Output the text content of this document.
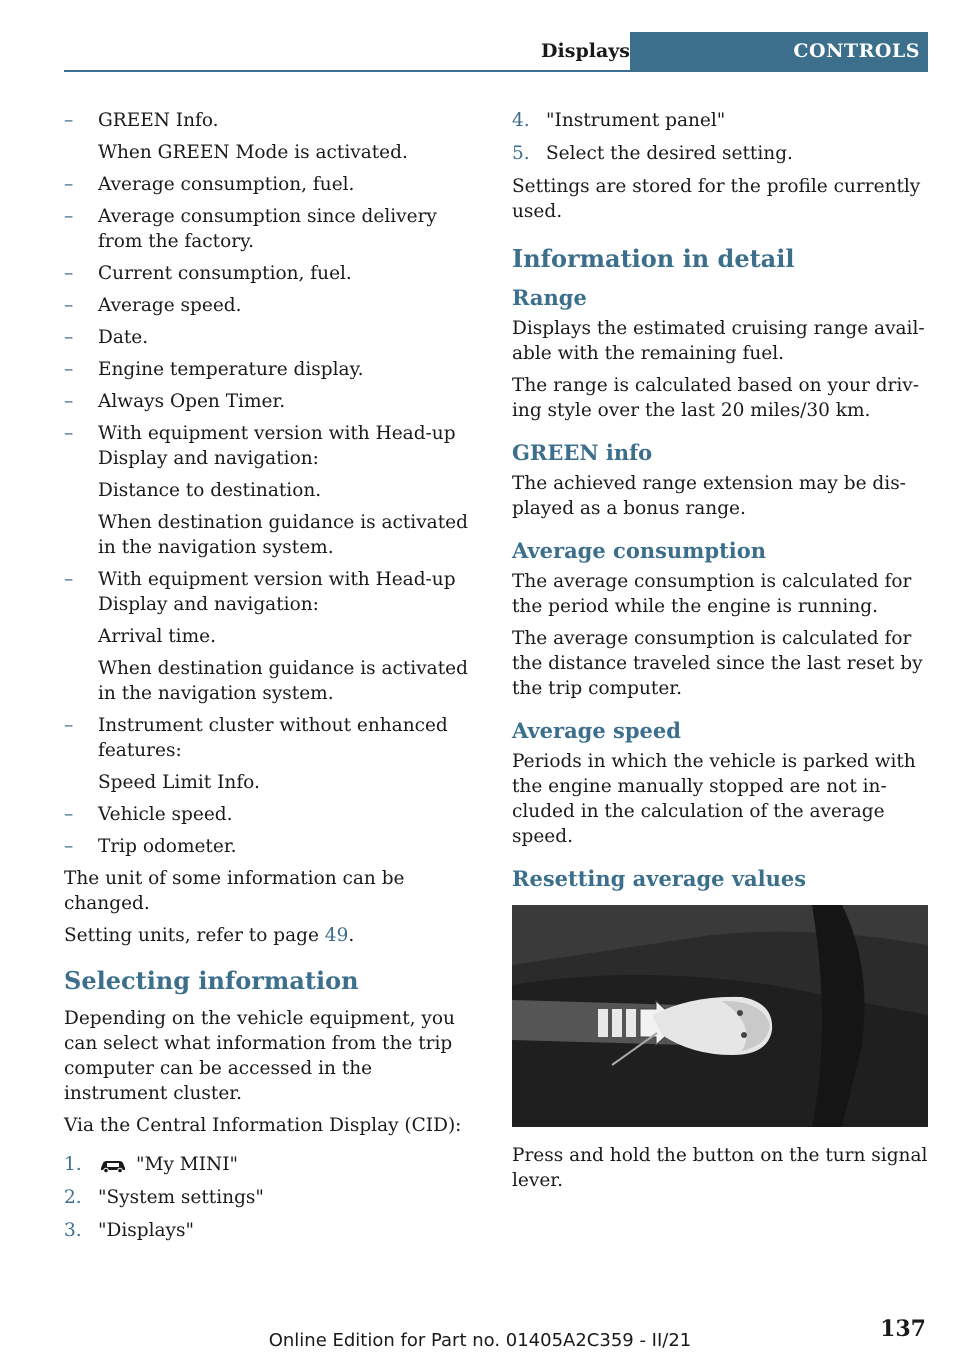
Displays	CONTROLS
– GREEN Info.
When GREEN Mode is activated.
– Average consumption, fuel.
– Average consumption since delivery from the factory.
– Current consumption, fuel.
– Average speed.
– Date.
– Engine temperature display.
– Always Open Timer.
– With equipment version with Head-up Display and navigation:
Distance to destination.
When destination guidance is activated in the navigation system.
– With equipment version with Head-up Display and navigation:
Arrival time.
When destination guidance is activated in the navigation system.
– Instrument cluster without enhanced features:
Speed Limit Info.
– Vehicle speed.
– Trip odometer.

The unit of some information can be changed.

Setting units, refer to page 49.

Selecting information

Depending on the vehicle equipment, you can select what information from the trip computer can be accessed in the instrument cluster.

Via the Central Information Display (CID):

1.	"My MINI"
2. "System settings"
3. "Displays"
4. "Instrument panel"
5. Select the desired setting.

Settings are stored for the profile currently used.

Information in detail
Range

Displays the estimated cruising range avail-able with the remaining fuel.

The range is calculated based on your driv-ing style over the last 20 miles/30 km.

GREEN info

The achieved range extension may be dis-played as a bonus range.

Average consumption

The average consumption is calculated for the period while the engine is running.

The average consumption is calculated for the distance traveled since the last reset by the trip computer.

Average speed

Periods in which the vehicle is parked with the engine manually stopped are not in-cluded in the calculation of the average speed.

Resetting average values

Press and hold the button on the turn signal lever.

Online Edition for Part no. 01405A2C359 - II/21	137
